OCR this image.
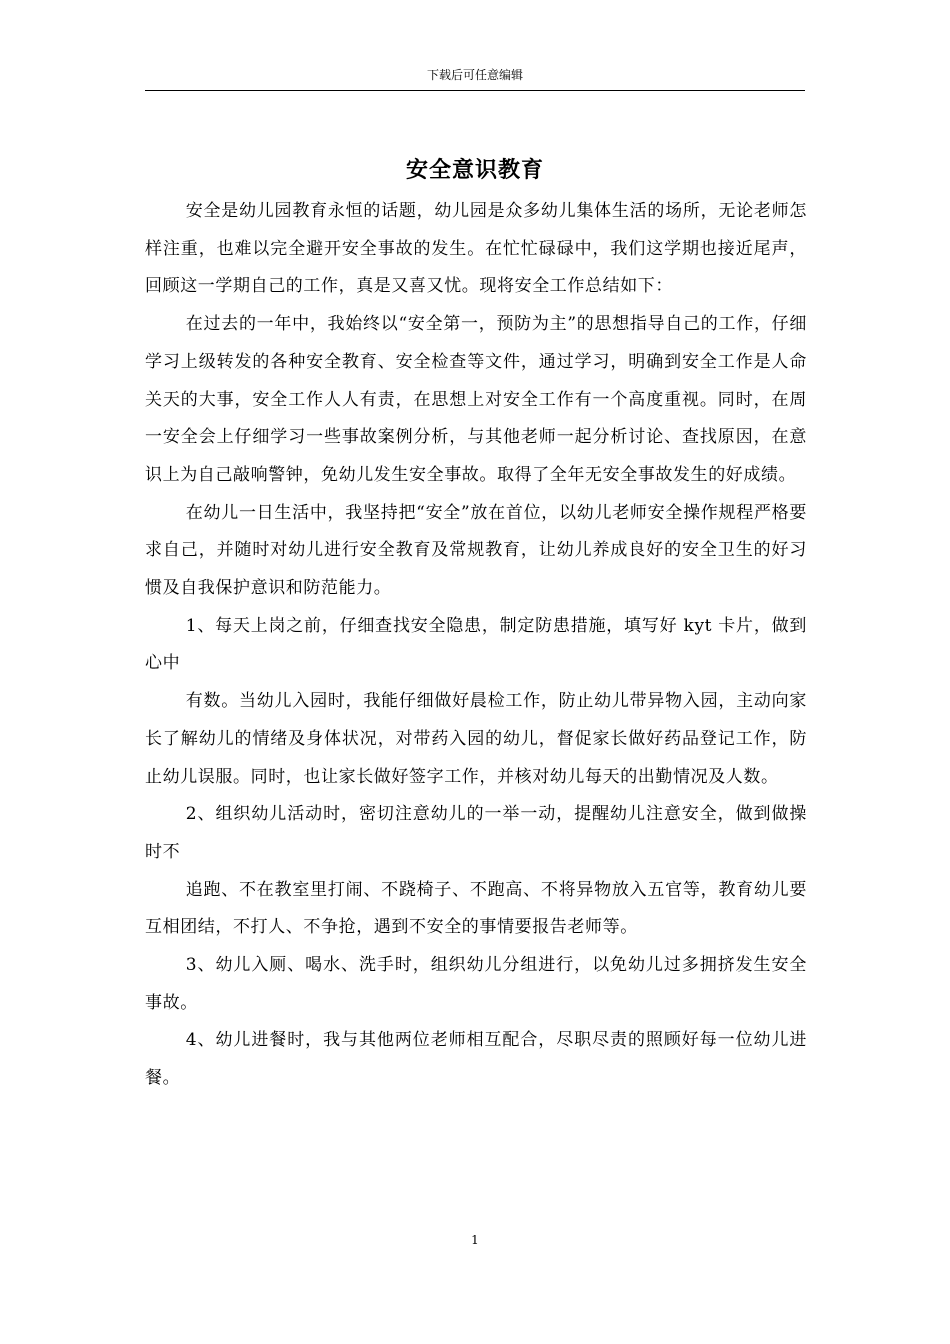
下载后可任意编辑
安全意识教育

安全是幼儿园教育永恒的话题，幼儿园是众多幼儿集体生活的场所，无论老师怎样注重，也难以完全避开安全事故的发生。在忙忙碌碌中，我们这学期也接近尾声，回顾这一学期自己的工作，真是又喜又忧。现将安全工作总结如下：

在过去的一年中，我始终以“安全第一，预防为主”的思想指导自己的工作，仔细学习上级转发的各种安全教育、安全检查等文件，通过学习，明确到安全工作是人命关天的大事，安全工作人人有责，在思想上对安全工作有一个高度重视。同时，在周一安全会上仔细学习一些事故案例分析，与其他老师一起分析讨论、查找原因，在意识上为自己敲响警钟，免幼儿发生安全事故。取得了全年无安全事故发生的好成绩。

在幼儿一日生活中，我坚持把“安全”放在首位，以幼儿老师安全操作规程严格要求自己，并随时对幼儿进行安全教育及常规教育，让幼儿养成良好的安全卫生的好习惯及自我保护意识和防范能力。

1、每天上岗之前，仔细查找安全隐患，制定防患措施，填写好 kyt 卡片，做到心中

有数。当幼儿入园时，我能仔细做好晨检工作，防止幼儿带异物入园，主动向家长了解幼儿的情绪及身体状况，对带药入园的幼儿，督促家长做好药品登记工作，防止幼儿误服。同时，也让家长做好签字工作，并核对幼儿每天的出勤情况及人数。

2、组织幼儿活动时，密切注意幼儿的一举一动，提醒幼儿注意安全，做到做操时不

追跑、不在教室里打闹、不跷椅子、不跑高、不将异物放入五官等，教育幼儿要互相团结，不打人、不争抢，遇到不安全的事情要报告老师等。

3、幼儿入厕、喝水、洗手时，组织幼儿分组进行，以免幼儿过多拥挤发生安全事故。

4、幼儿进餐时，我与其他两位老师相互配合，尽职尽责的照顾好每一位幼儿进餐。

1
